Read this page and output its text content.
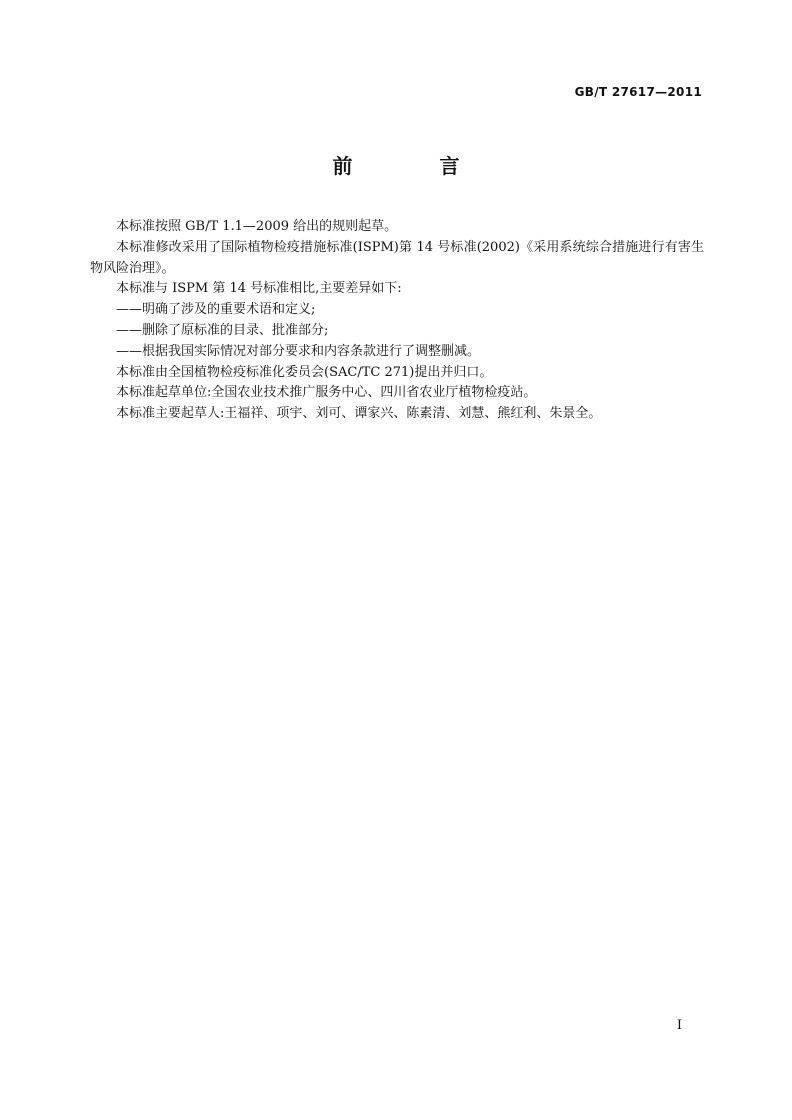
GB/T 27617—2011
前 言

本标准按照 GB/T 1.1—2009 给出的规则起草。

本标准修改采用了国际植物检疫措施标准(ISPM)第 14 号标准(2002)《采用系统综合措施进行有害生物风险治理》。

本标准与 ISPM 第 14 号标准相比,主要差异如下:

——明确了涉及的重要术语和定义;

——删除了原标准的目录、批准部分;

——根据我国实际情况对部分要求和内容条款进行了调整删减。

本标准由全国植物检疫标准化委员会(SAC/TC 271)提出并归口。

本标准起草单位:全国农业技术推广服务中心、四川省农业厅植物检疫站。

本标准主要起草人:王福祥、项宇、刘可、谭家兴、陈素清、刘慧、熊红利、朱景全。

I
